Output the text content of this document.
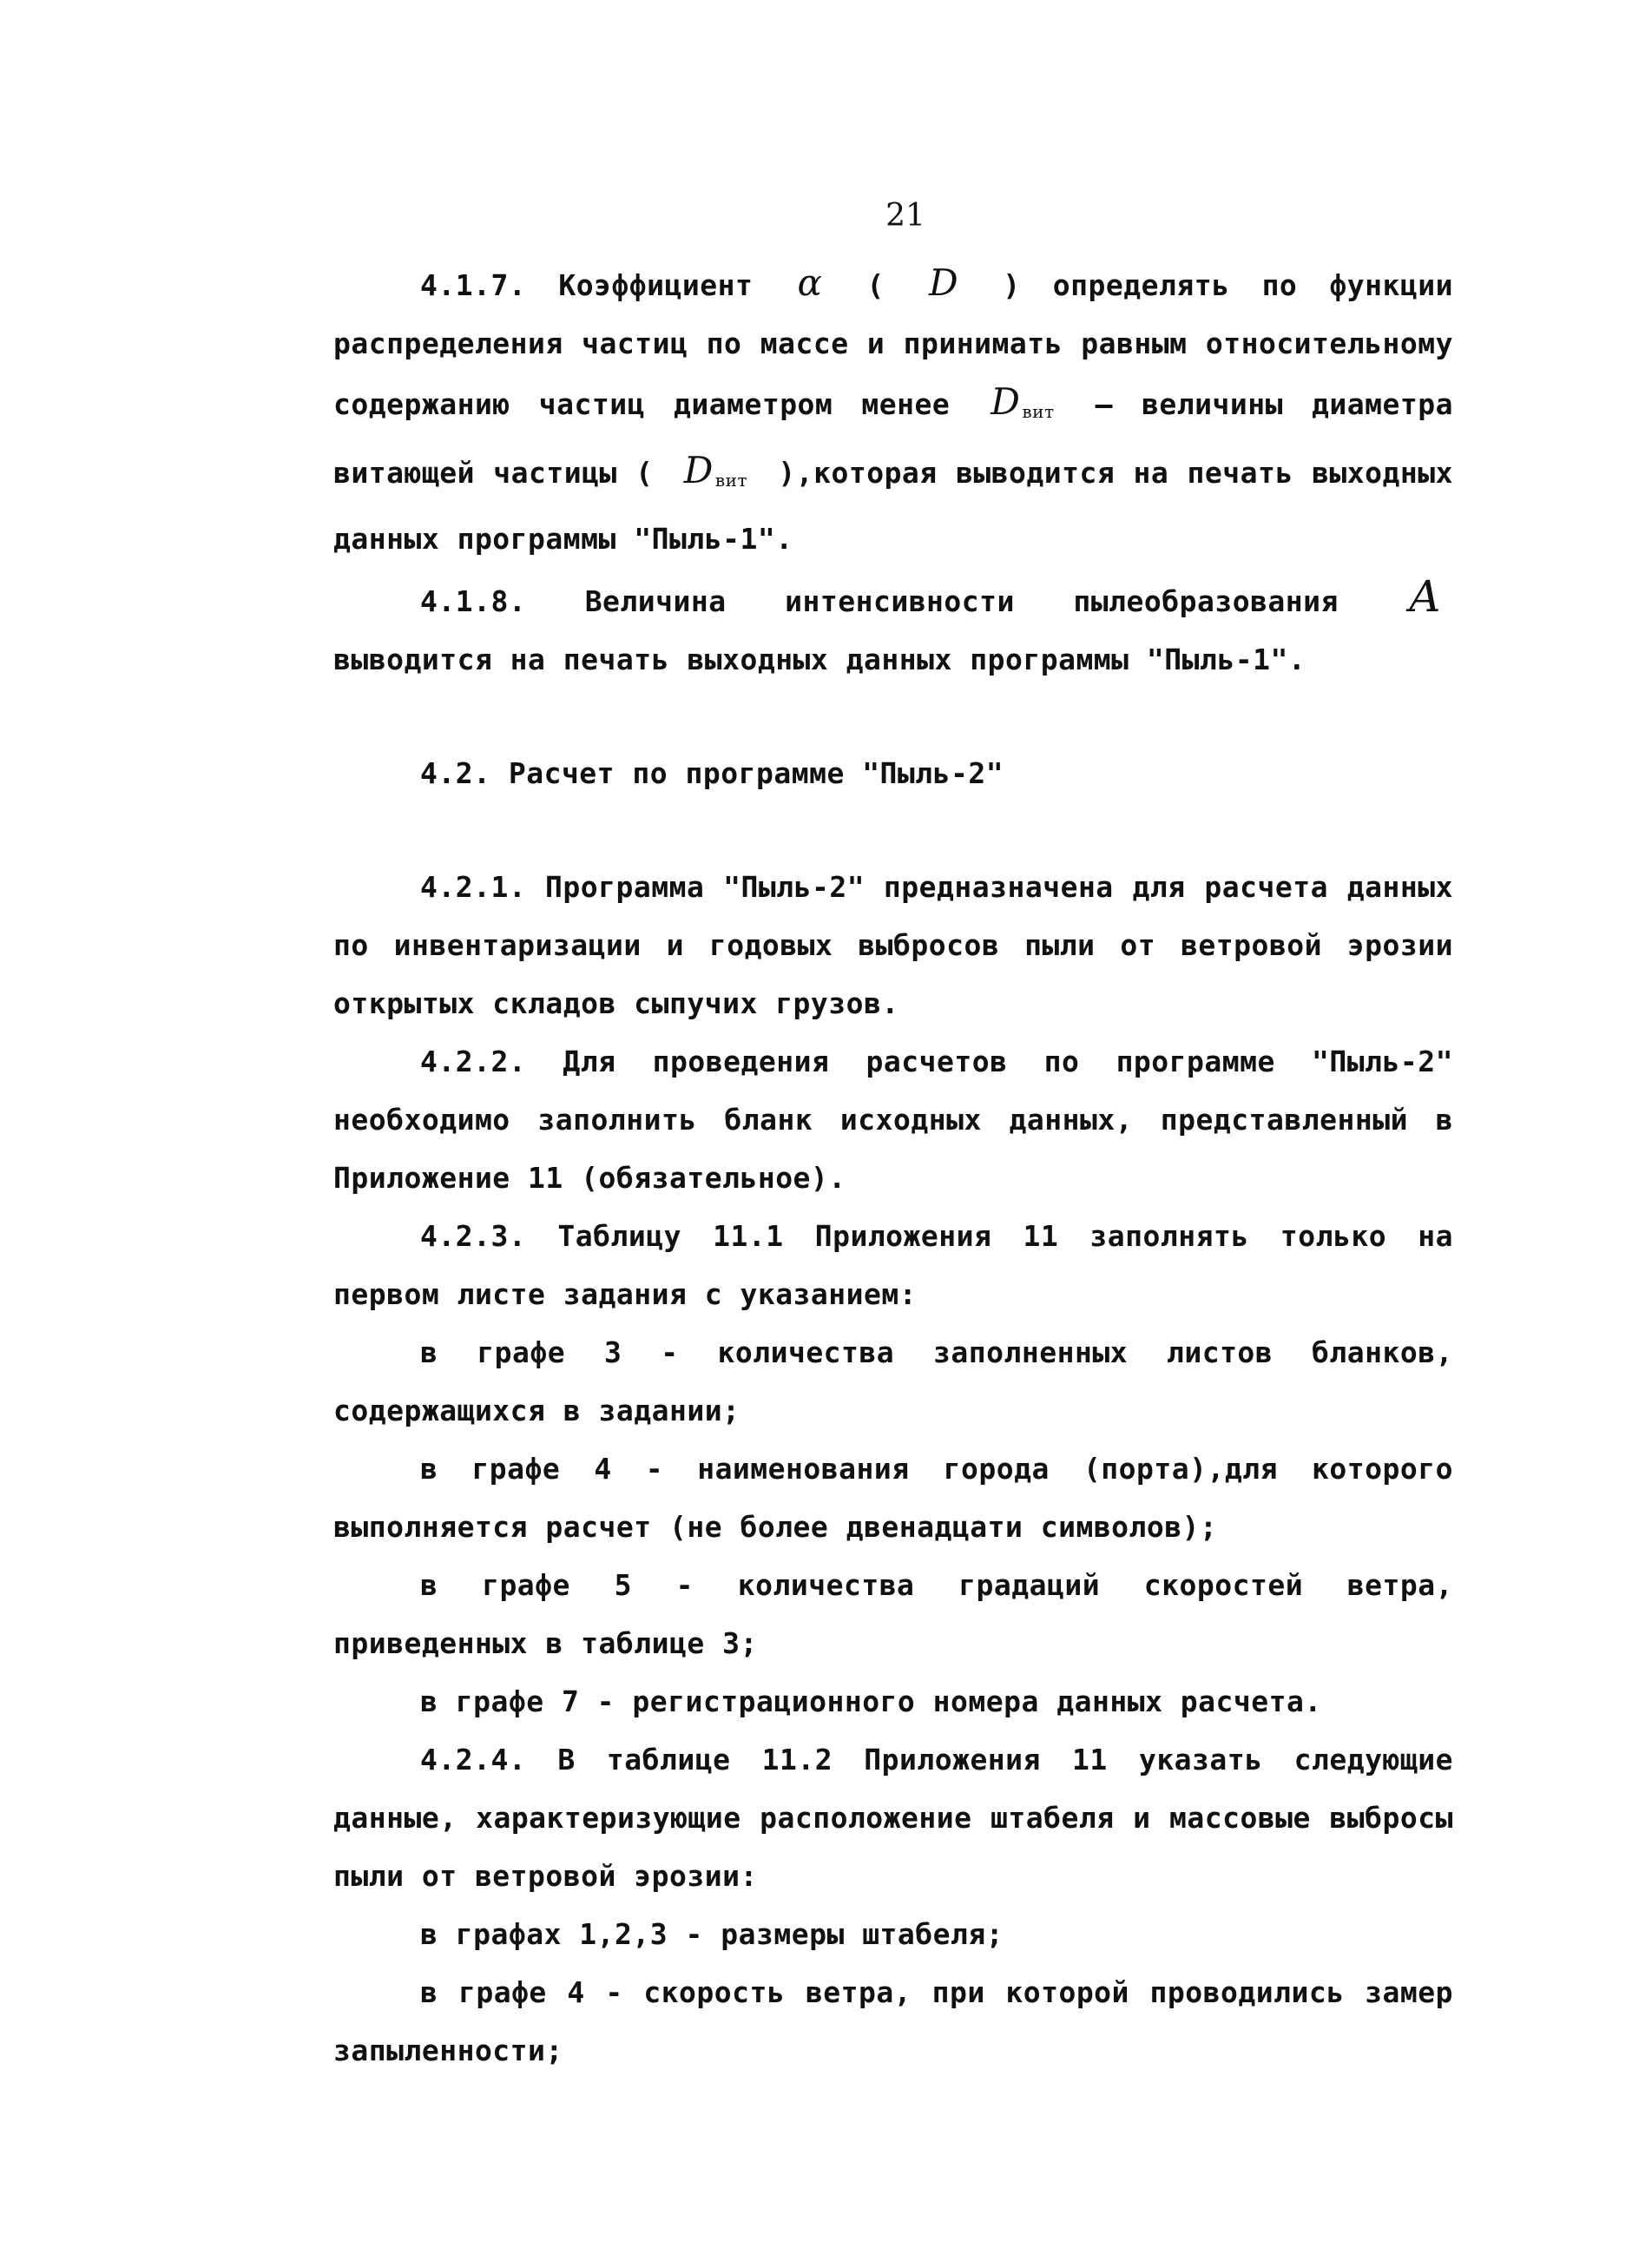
21

4.1.7. Коэффициент α ( D ) определять по функции распределения частиц по массе и принимать равным относительному содержанию частиц диаметром менее D $_{вит}$ – величины диаметра витающей частицы ( D $_{вит}$ ),которая выводится на печать выходных данных программы "Пыль-1".

4.1.8. Величина интенсивности пылеобразования A выводится на печать выходных данных программы "Пыль-1".

4.2. Расчет по программе "Пыль-2"

4.2.1. Программа "Пыль-2" предназначена для расчета данных по инвентаризации и годовых выбросов пыли от ветровой эрозии открытых складов сыпучих грузов.

4.2.2. Для проведения расчетов по программе "Пыль-2" необходимо заполнить бланк исходных данных, представленный в Приложение 11 (обязательное).

4.2.3. Таблицу 11.1 Приложения 11 заполнять только на первом листе задания с указанием:

в графе 3 - количества заполненных листов бланков, содержащихся в задании;

в графе 4 - наименования города (порта),для которого выполняется расчет (не более двенадцати символов);

в графе 5 - количества градаций скоростей ветра, приведенных в таблице 3;

в графе 7 - регистрационного номера данных расчета.

4.2.4. В таблице 11.2 Приложения 11 указать следующие данные, характеризующие расположение штабеля и массовые выбросы пыли от ветровой эрозии:

в графах 1,2,3 - размеры штабеля;

в графе 4 - скорость ветра, при которой проводились замер запыленности;
